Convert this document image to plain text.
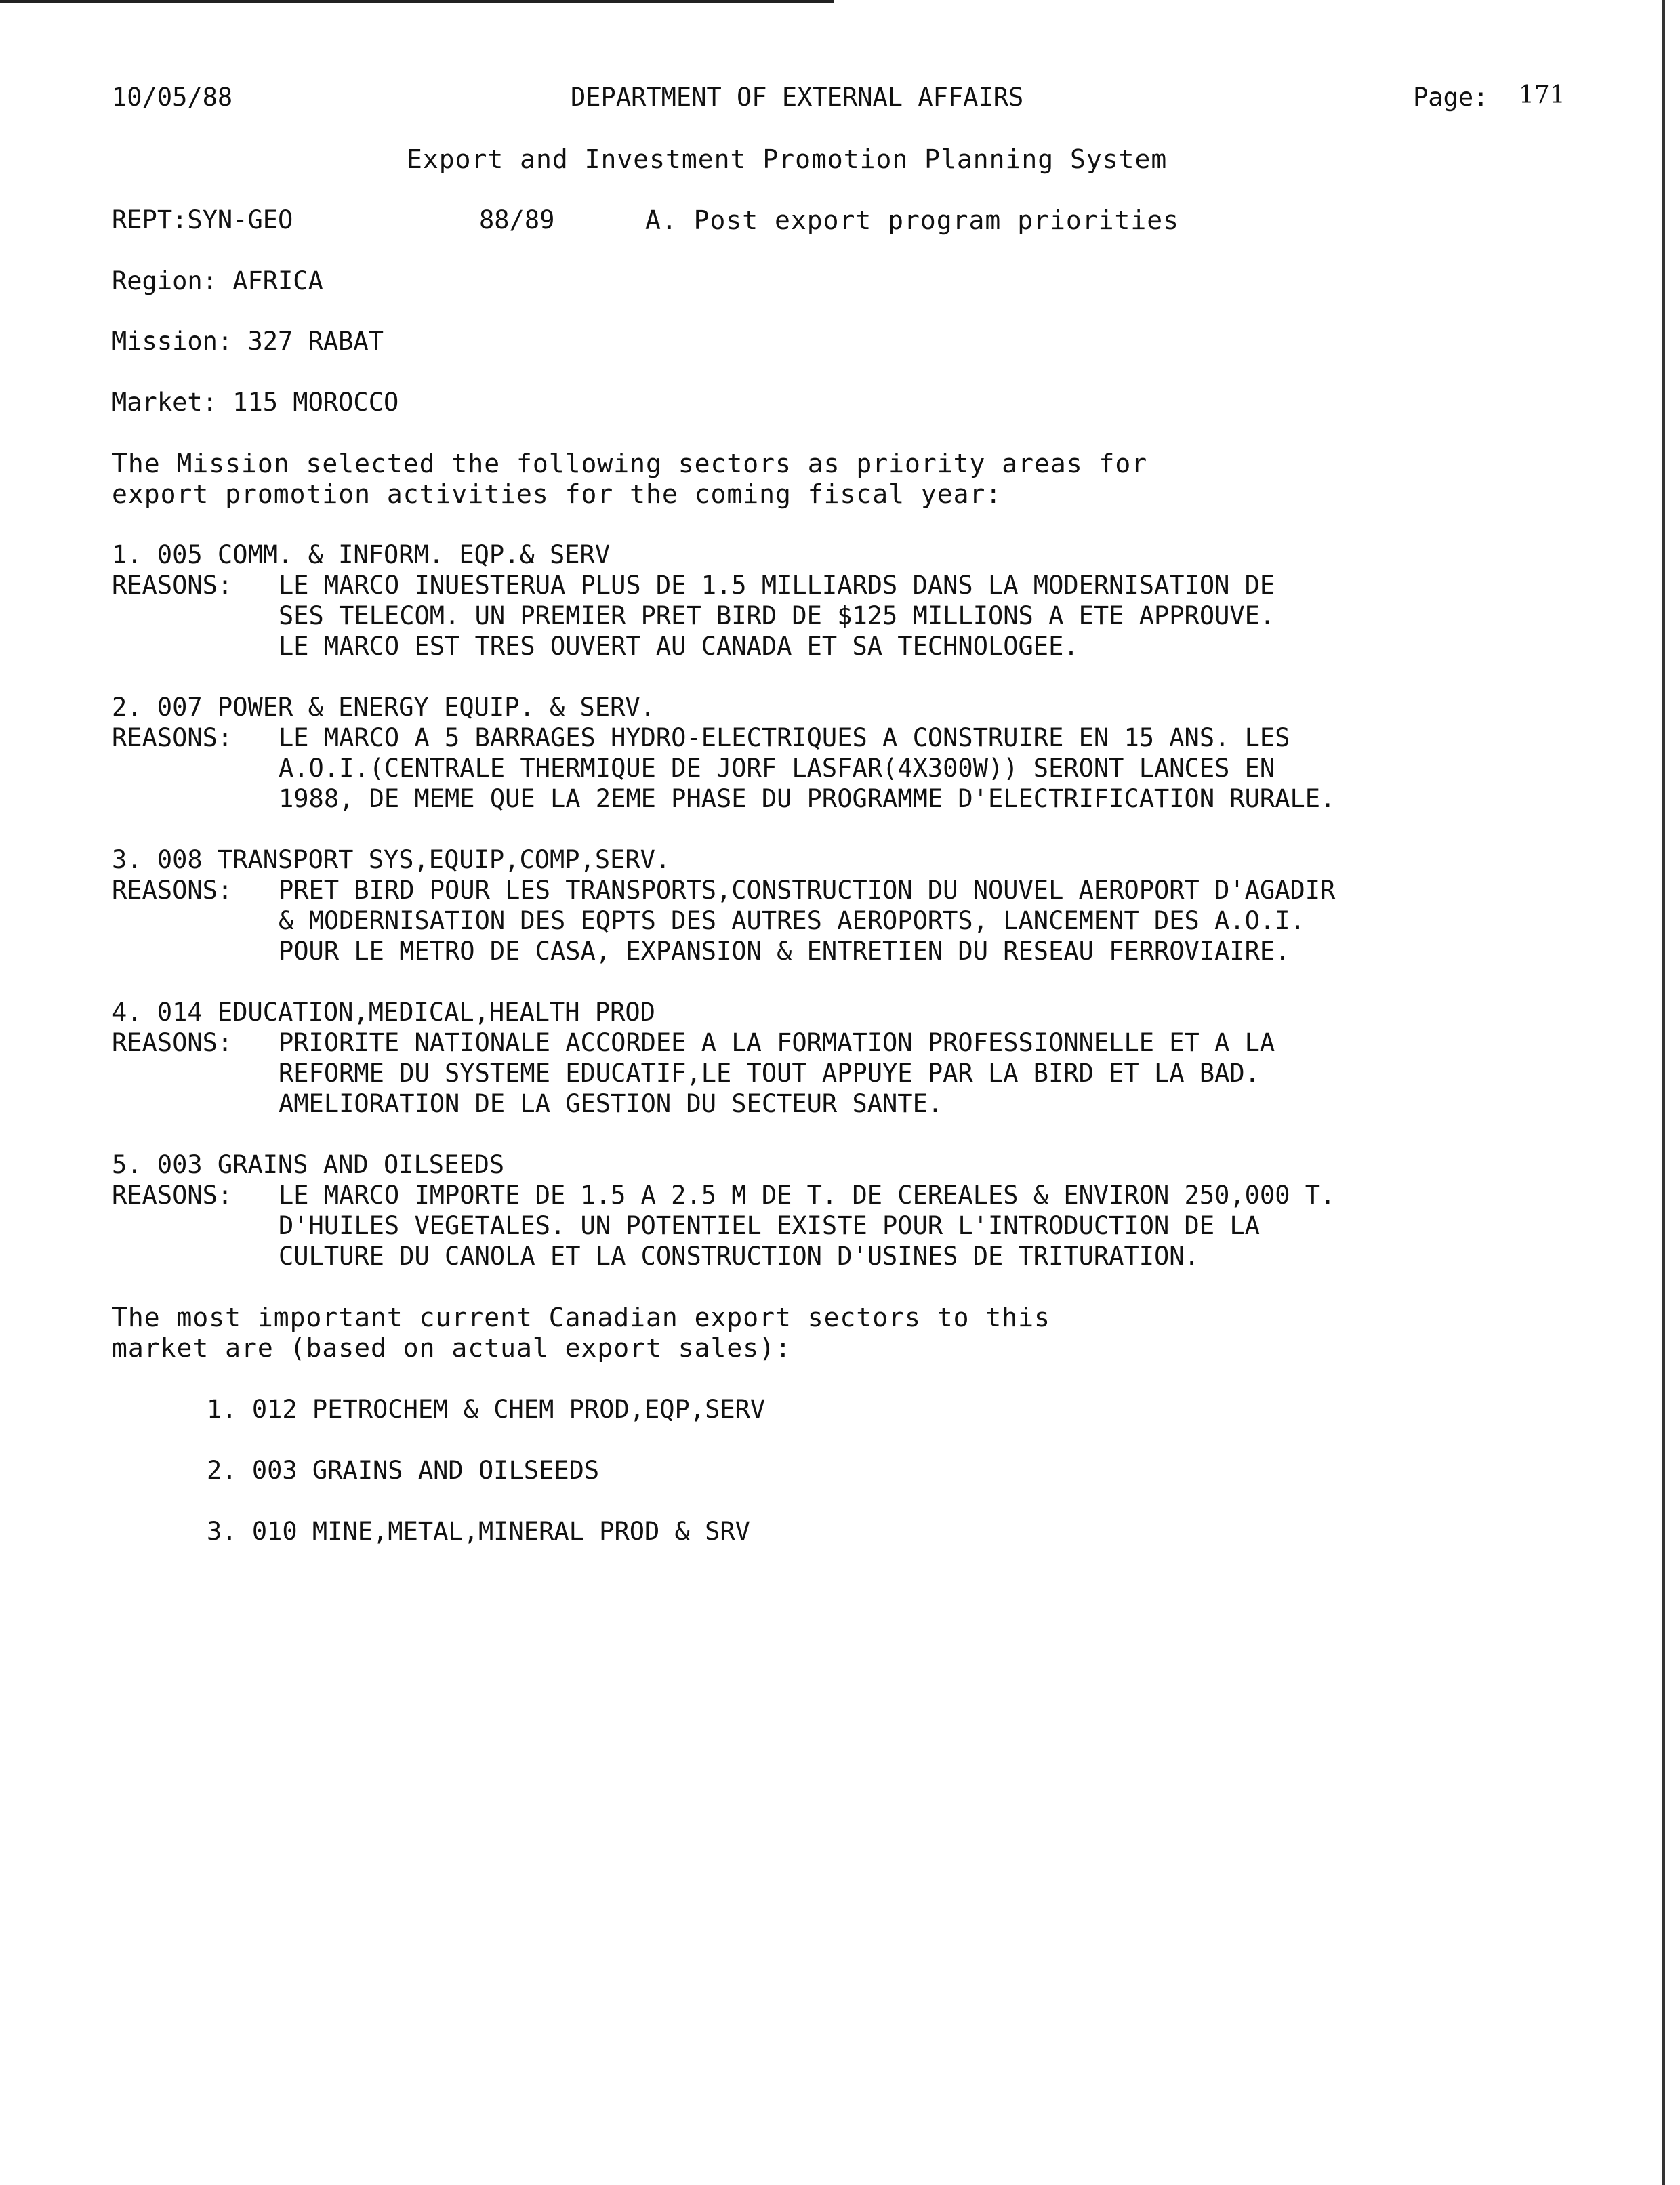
10/05/88	DEPARTMENT OF EXTERNAL AFFAIRS	Page: 171
Export and Investment Promotion Planning System
REPT:SYN-GEO	88/89	A. Post export program priorities
Region: AFRICA
Mission: 327 RABAT
Market: 115 MOROCCO
The Mission selected the following sectors as priority areas for
export promotion activities for the coming fiscal year:
1. 005 COMM. & INFORM. EQP.& SERV
REASONS: LE MARCO INUESTERUA PLUS DE 1.5 MILLIARDS DANS LA MODERNISATION DE
SES TELECOM. UN PREMIER PRET BIRD DE $125 MILLIONS A ETE APPROUVE.
LE MARCO EST TRES OUVERT AU CANADA ET SA TECHNOLOGEE.
2. 007 POWER & ENERGY EQUIP. & SERV.
REASONS: LE MARCO A 5 BARRAGES HYDRO-ELECTRIQUES A CONSTRUIRE EN 15 ANS. LES
A.O.I.(CENTRALE THERMIQUE DE JORF LASFAR(4X300W)) SERONT LANCES EN
1988, DE MEME QUE LA 2EME PHASE DU PROGRAMME D'ELECTRIFICATION RURALE.
3. 008 TRANSPORT SYS,EQUIP,COMP,SERV.
REASONS: PRET BIRD POUR LES TRANSPORTS,CONSTRUCTION DU NOUVEL AEROPORT D'AGADIR
& MODERNISATION DES EQPTS DES AUTRES AEROPORTS, LANCEMENT DES A.O.I.
POUR LE METRO DE CASA, EXPANSION & ENTRETIEN DU RESEAU FERROVIAIRE.
4. 014 EDUCATION,MEDICAL,HEALTH PROD
REASONS: PRIORITE NATIONALE ACCORDEE A LA FORMATION PROFESSIONNELLE ET A LA
REFORME DU SYSTEME EDUCATIF,LE TOUT APPUYE PAR LA BIRD ET LA BAD.
AMELIORATION DE LA GESTION DU SECTEUR SANTE.
5. 003 GRAINS AND OILSEEDS
REASONS: LE MARCO IMPORTE DE 1.5 A 2.5 M DE T. DE CEREALES & ENVIRON 250,000 T.
D'HUILES VEGETALES. UN POTENTIEL EXISTE POUR L'INTRODUCTION DE LA
CULTURE DU CANOLA ET LA CONSTRUCTION D'USINES DE TRITURATION.
The most important current Canadian export sectors to this
market are (based on actual export sales):
1. 012 PETROCHEM & CHEM PROD,EQP,SERV
2. 003 GRAINS AND OILSEEDS
3. 010 MINE,METAL,MINERAL PROD & SRV
